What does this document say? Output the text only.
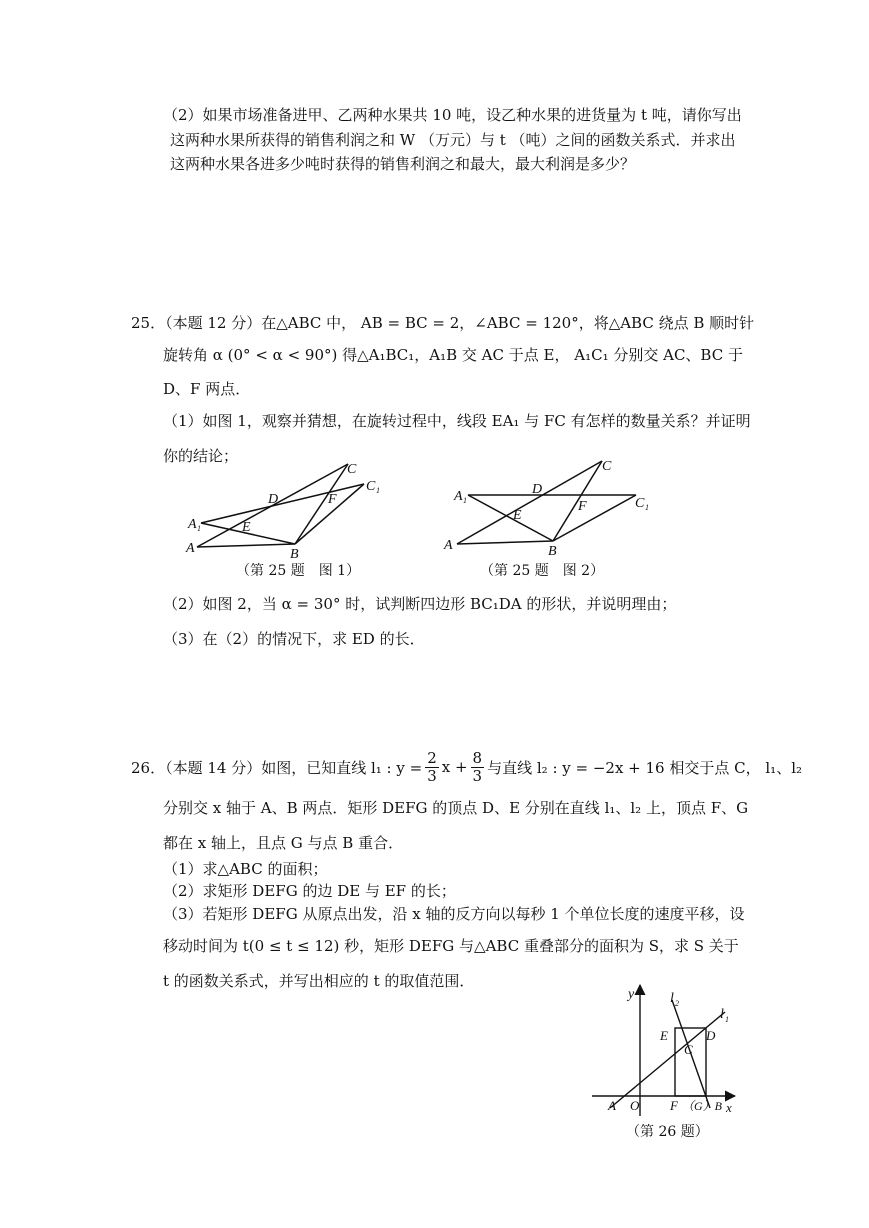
（2）如果市场准备进甲、乙两种水果共 10 吨，设乙种水果的进货量为 t 吨，请你写出
这两种水果所获得的销售利润之和 W （万元）与 t （吨）之间的函数关系式．并求出
这两种水果各进多少吨时获得的销售利润之和最大，最大利润是多少？
25．（本题 12 分）在△ABC 中， AB = BC = 2，∠ABC = 120°，将△ABC 绕点 B 顺时针
旋转角 α (0° < α < 90°) 得△A₁BC₁，A₁B 交 AC 于点 E， A₁C₁ 分别交 AC、BC 于
D、F 两点．
（1）如图 1，观察并猜想，在旋转过程中，线段 EA₁ 与 FC 有怎样的数量关系？并证明
你的结论；
C
C 1
D	F
E
A 1
A	B
（第 25 题　图 1）
C
A 1
D
F	C 1
E
A	B
（第 25 题　图 2）
（2）如图 2，当 α = 30° 时，试判断四边形 BC₁DA 的形状，并说明理由；
（3）在（2）的情况下，求 ED 的长．
26．（本题 14 分）如图，已知直线 l₁ : $y = \frac{2}{3}$ $x + \frac{8}{3}$ 与直线 l₂ : y = −2x + 16 相交于点 C， l₁、l₂
分别交 x 轴于 A、B 两点．矩形 DEFG 的顶点 D、E 分别在直线 l₁、l₂ 上，顶点 F、G
都在 x 轴上，且点 G 与点 B 重合．
（1）求△ABC 的面积；
（2）求矩形 DEFG 的边 DE 与 EF 的长；
（3）若矩形 DEFG 从原点出发，沿 x 轴的反方向以每秒 1 个单位长度的速度平移，设
移动时间为 t(0 ≤ t ≤ 12) 秒，矩形 DEFG 与△ABC 重叠部分的面积为 S，求 S 关于
t 的函数关系式，并写出相应的 t 的取值范围．
y	l 2
l 1
E	D
C
A O F （G）B x
（第 26 题）
